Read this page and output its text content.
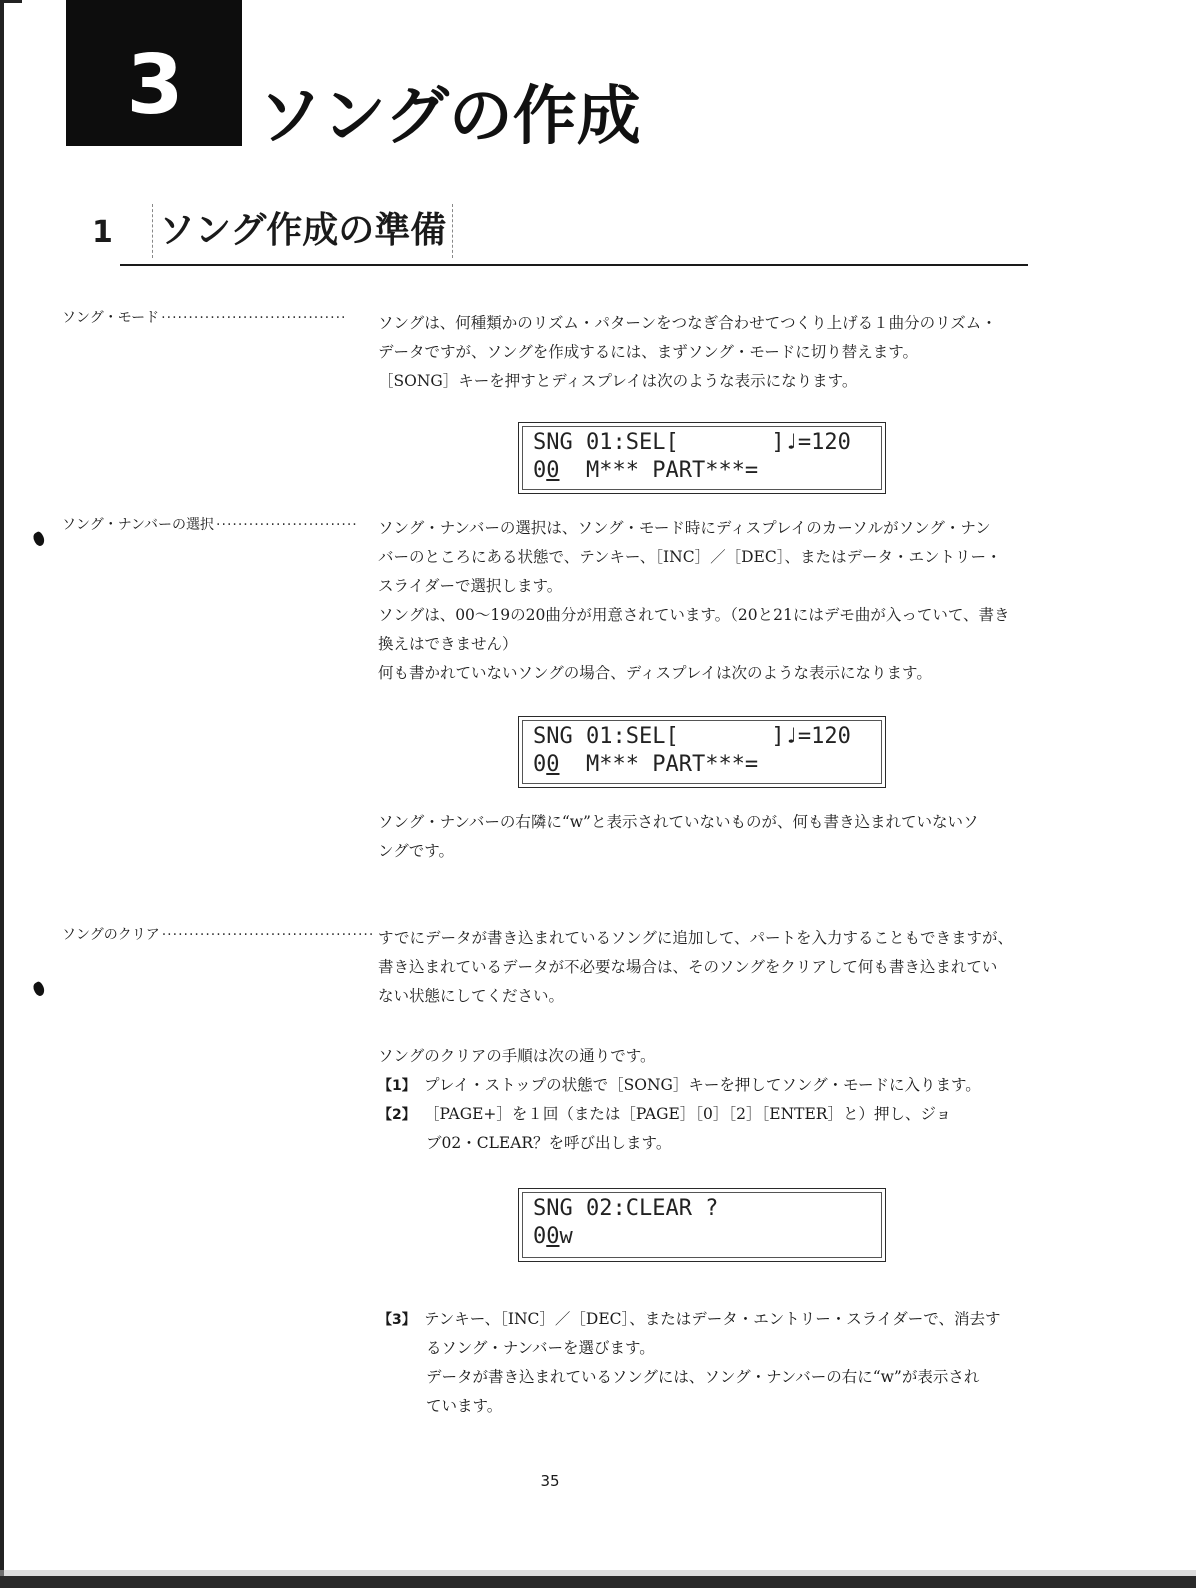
3 ソングの作成
1 ソング作成の準備
ソング・モード ··································	ソングは、何種類かのリズム・パターンをつなぎ合わせてつくり上げる１曲分のリズム・
データですが、ソングを作成するには、まずソング・モードに切り替えます。
［SONG］キーを押すとディスプレイは次のような表示になります。
SNG 01:SEL[       ]♩=120
00  M*** PART***=
ソング・ナンバーの選択 ··························	ソング・ナンバーの選択は、ソング・モード時にディスプレイのカーソルがソング・ナン
バーのところにある状態で、テンキー、［INC］／［DEC］、またはデータ・エントリー・
スライダーで選択します。
ソングは、00〜19の20曲分が用意されています。（20と21にはデモ曲が入っていて、書き
換えはできません）
何も書かれていないソングの場合、ディスプレイは次のような表示になります。
SNG 01:SEL[       ]♩=120
00  M*** PART***=
ソング・ナンバーの右隣に“w”と表示されていないものが、何も書き込まれていないソ
ングです。
ソングのクリア ······································· すでにデータが書き込まれているソングに追加して、パートを入力することもできますが、
書き込まれているデータが不必要な場合は、そのソングをクリアして何も書き込まれてい
ない状態にしてください。
ソングのクリアの手順は次の通りです。
【1】 プレイ・ストップの状態で［SONG］キーを押してソング・モードに入ります。
【2】 ［PAGE+］を１回（または［PAGE］［0］［2］［ENTER］と）押し、ジョ
ブ02・CLEAR？を呼び出します。
SNG 02:CLEAR ?
00w
【3】 テンキー、［INC］／［DEC］、またはデータ・エントリー・スライダーで、消去す
るソング・ナンバーを選びます。
データが書き込まれているソングには、ソング・ナンバーの右に“w”が表示され
ています。
35
